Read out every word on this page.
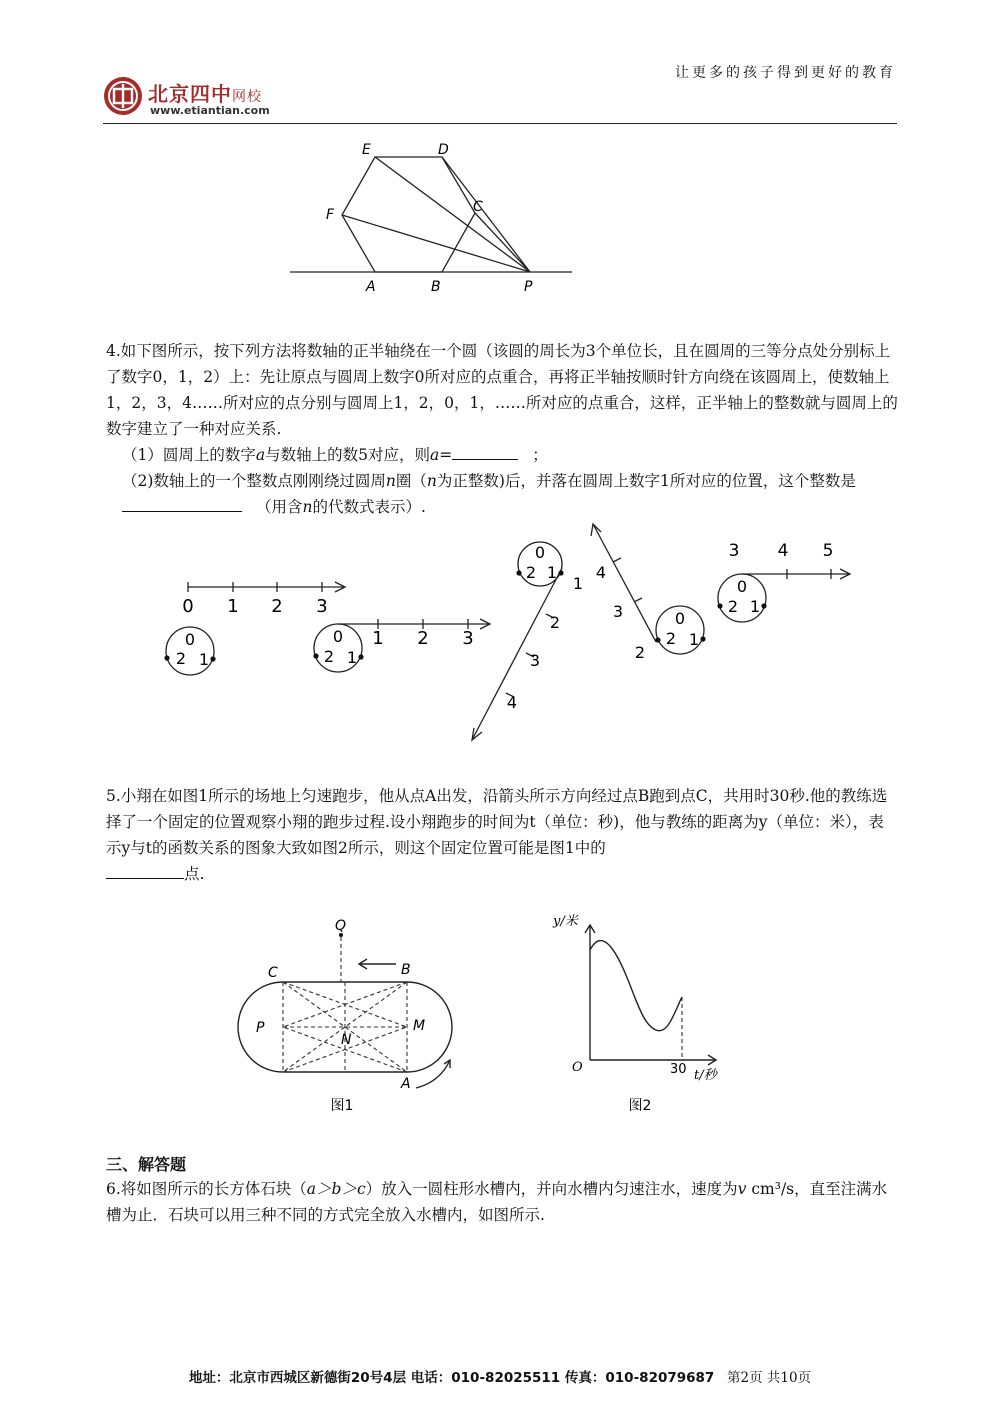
北京四中网校
www.etiantian.com
让更多的孩子得到更好的教育
E	D
F	C
A	B	P

4.如下图所示，按下列方法将数轴的正半轴绕在一个圆（该圆的周长为3个单位长，且在圆周的三等分点处分别标上了数字0，1，2）上：先让原点与圆周上数字0所对应的点重合，再将正半轴按顺时针方向绕在该圆周上，使数轴上1，2，3，4……所对应的点分别与圆周上1，2，0，1，……所对应的点重合，这样，正半轴上的整数就与圆周上的数字建立了一种对应关系.

（1）圆周上的数字a与数轴上的数5对应，则a=	；

（2)数轴上的一个整数点刚刚绕过圆周n圈（n为正整数)后，并落在圆周上数字1所对应的位置，这个整数是（用含n的代数式表示）.

0 1 2 3
0
2 1
0
2 1
1 2 3
0
2 1
1
2
3
4
0
2 1
4
3
2
0
2 1
3 4 5

5.小翔在如图1所示的场地上匀速跑步，他从点A出发，沿箭头所示方向经过点B跑到点C，共用时30秒.他的教练选择了一个固定的位置观察小翔的跑步过程.设小翔跑步的时间为t（单位：秒)，他与教练的距离为y（单位：米），表示y与t的函数关系的图象大致如图2所示，则这个固定位置可能是图1中的

点.

Q
C	B
P	M
N
A
图1
y/米
O	30 t/秒
图2
三、解答题

6.将如图所示的长方体石块（a＞b＞c）放入一圆柱形水槽内，并向水槽内匀速注水，速度为v cm³/s，直至注满水槽为止．石块可以用三种不同的方式完全放入水槽内，如图所示.

地址：北京市西城区新德街20号4层 电话：010-82025511 传真：010-82079687 第2页 共10页
